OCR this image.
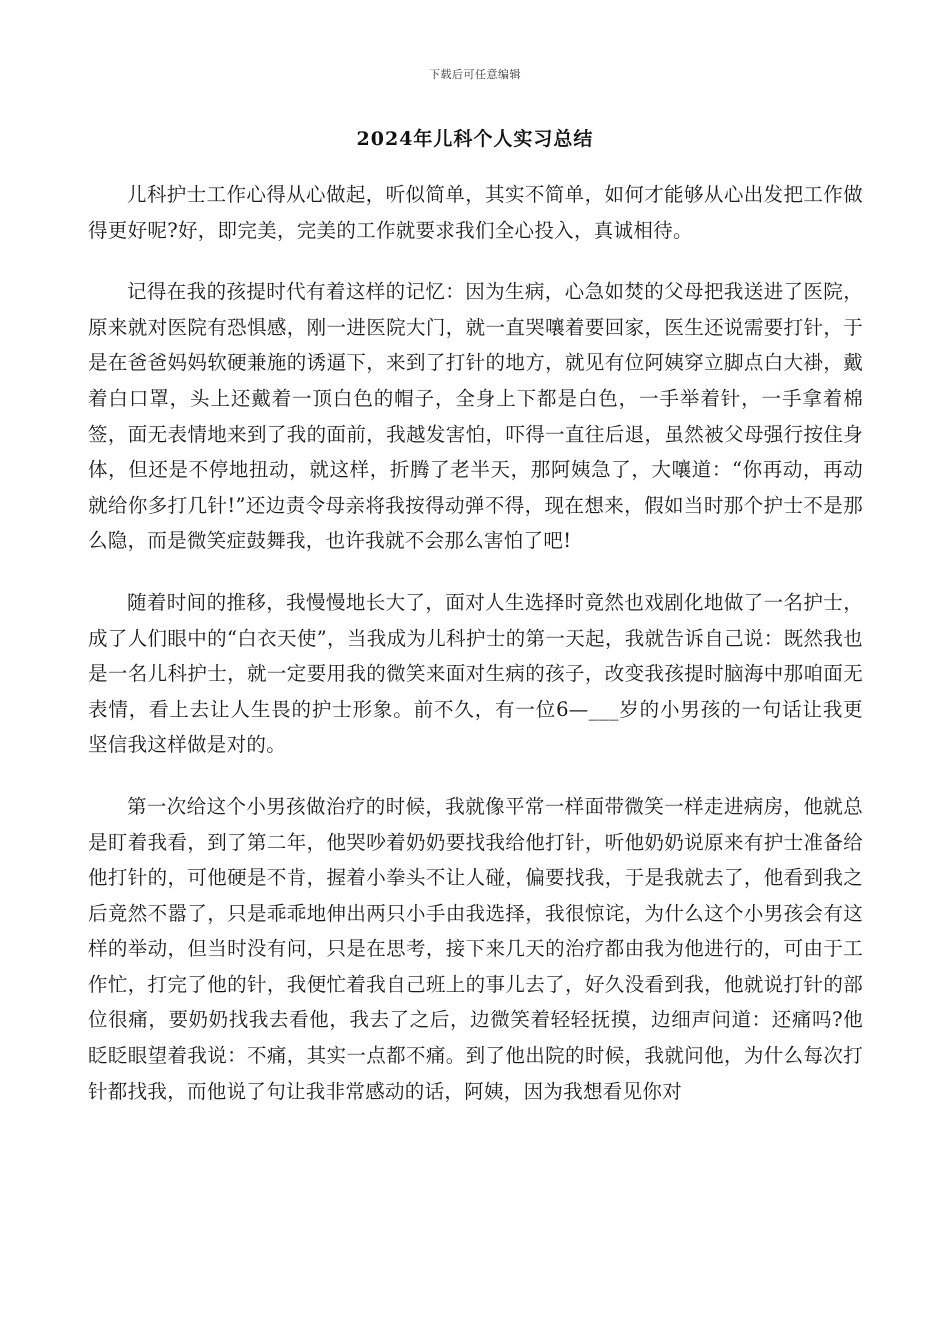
下载后可任意编辑
2024年儿科个人实习总结

儿科护士工作心得从心做起，听似简单，其实不简单，如何才能够从心出发把工作做得更好呢?好，即完美，完美的工作就要求我们全心投入，真诚相待。

记得在我的孩提时代有着这样的记忆：因为生病，心急如焚的父母把我送进了医院，原来就对医院有恐惧感，刚一进医院大门，就一直哭嚷着要回家，医生还说需要打针，于是在爸爸妈妈软硬兼施的诱逼下，来到了打针的地方，就见有位阿姨穿立脚点白大褂，戴着白口罩，头上还戴着一顶白色的帽子，全身上下都是白色，一手举着针，一手拿着棉签，面无表情地来到了我的面前，我越发害怕，吓得一直往后退，虽然被父母强行按住身体，但还是不停地扭动，就这样，折腾了老半天，那阿姨急了，大嚷道：“你再动，再动就给你多打几针!”还边责令母亲将我按得动弹不得，现在想来，假如当时那个护士不是那么隐，而是微笑症鼓舞我，也许我就不会那么害怕了吧!

随着时间的推移，我慢慢地长大了，面对人生选择时竟然也戏剧化地做了一名护士，成了人们眼中的“白衣天使”，当我成为儿科护士的第一天起，我就告诉自己说：既然我也是一名儿科护士，就一定要用我的微笑来面对生病的孩子，改变我孩提时脑海中那咱面无表情，看上去让人生畏的护士形象。前不久，有一位6—___岁的小男孩的一句话让我更坚信我这样做是对的。

第一次给这个小男孩做治疗的时候，我就像平常一样面带微笑一样走进病房，他就总是盯着我看，到了第二年，他哭吵着奶奶要找我给他打针，听他奶奶说原来有护士准备给他打针的，可他硬是不肯，握着小拳头不让人碰，偏要找我，于是我就去了，他看到我之后竟然不嚣了，只是乖乖地伸出两只小手由我选择，我很惊诧，为什么这个小男孩会有这样的举动，但当时没有问，只是在思考，接下来几天的治疗都由我为他进行的，可由于工作忙，打完了他的针，我便忙着我自己班上的事儿去了，好久没看到我，他就说打针的部位很痛，要奶奶找我去看他，我去了之后，边微笑着轻轻抚摸，边细声问道：还痛吗?他眨眨眼望着我说：不痛，其实一点都不痛。到了他出院的时候，我就问他，为什么每次打针都找我，而他说了句让我非常感动的话，阿姨，因为我想看见你对
